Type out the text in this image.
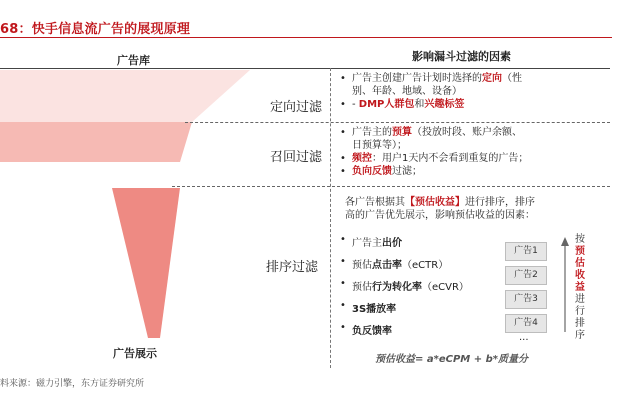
68：快手信息流广告的展现原理
广告库	影响漏斗过滤的因素
广告展示
定向过滤
召回过滤
排序过滤
• 广告主创建广告计划时选择的定向（性
别、年龄、地域、设备）
• - DMP人群包和兴趣标签
• 广告主的预算（投放时段、账户余额、
日预算等）；
• 频控：用户1天内不会看到重复的广告；
• 负向反馈过滤；
各广告根据其【预估收益】进行排序，排序
高的广告优先展示，影响预估收益的因素：
• 广告主出价
• 预估点击率（eCTR）
• 预估行为转化率（eCVR）
• 3S播放率
• 负反馈率
广告1
广告2
广告3
广告4
...
按
预
估
收
益
进
行
排
序
预估收益= a*eCPM + b*质量分
料来源：磁力引擎，东方证券研究所
